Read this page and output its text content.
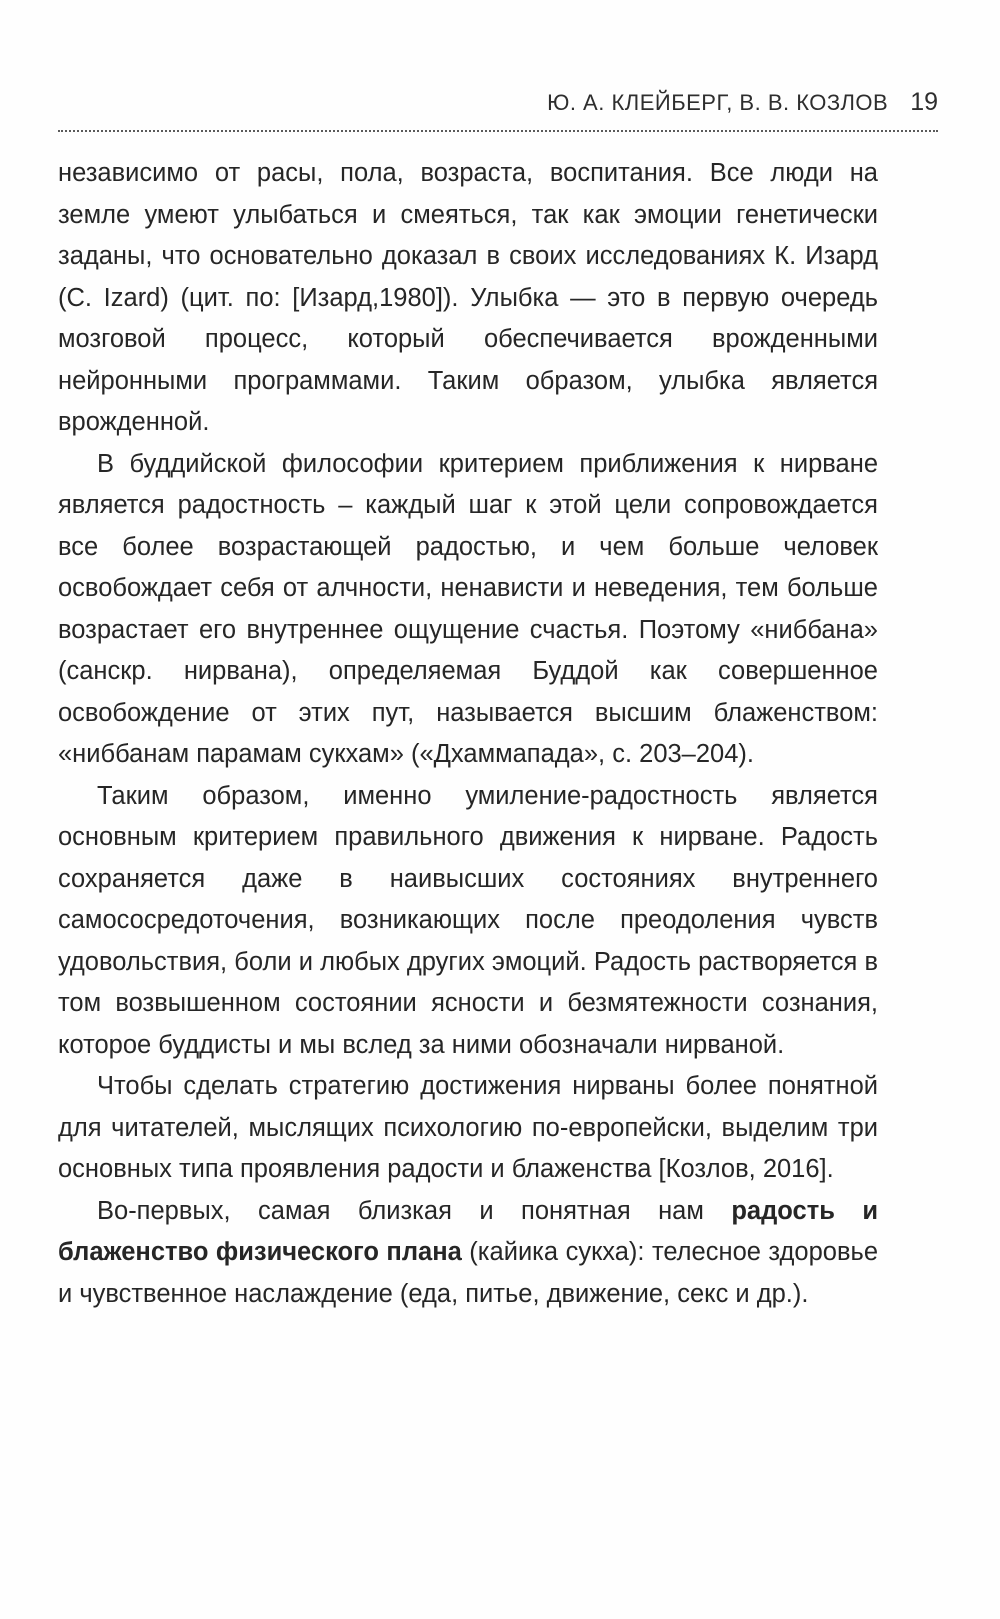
Ю. А. КЛЕЙБЕРГ, В. В. КОЗЛОВ 19

независимо от расы, пола, возраста, воспитания. Все люди на земле умеют улыбаться и смеяться, так как эмоции генетически заданы, что основательно доказал в своих исследованиях К. Изард (C. Izard) (цит. по: [Изард,1980]). Улыбка — это в первую очередь мозговой процесс, который обеспечивается врожденными нейронными программами. Таким образом, улыбка является врожденной.

В буддийской философии критерием приближения к нирване является радостность – каждый шаг к этой цели сопровождается все более возрастающей радостью, и чем больше человек освобождает себя от алчности, ненависти и неведения, тем больше возрастает его внутреннее ощущение счастья. Поэтому «ниббана» (санскр. нирвана), определяемая Буддой как совершенное освобождение от этих пут, называется высшим блаженством: «ниббанам парамам сукхам» («Дхаммапада», с. 203–204).

Таким образом, именно умиление-радостность является основным критерием правильного движения к нирване. Радость сохраняется даже в наивысших состояниях внутреннего самососредоточения, возникающих после преодоления чувств удовольствия, боли и любых других эмоций. Радость растворяется в том возвышенном состоянии ясности и безмятежности сознания, которое буддисты и мы вслед за ними обозначали нирваной.

Чтобы сделать стратегию достижения нирваны более понятной для читателей, мыслящих психологию по-европейски, выделим три основных типа проявления радости и блаженства [Козлов, 2016].

Во-первых, самая близкая и понятная нам радость и блаженство физического плана (кайика сукха): телесное здоровье и чувственное наслаждение (еда, питье, движение, секс и др.).
